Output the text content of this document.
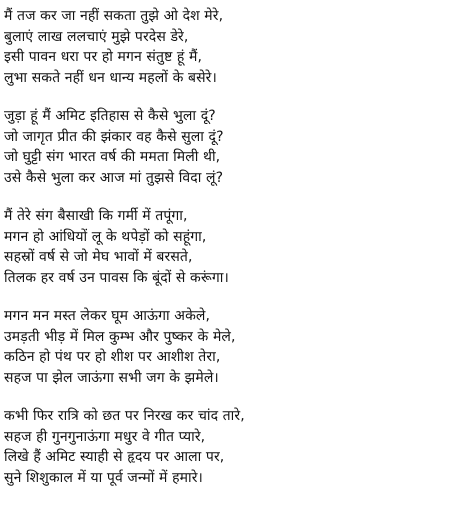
मैं तज कर जा नहीं सकता तुझे ओ देश मेरे,
बुलाएं लाख ललचाएं मुझे परदेस डेरे,
इसी पावन धरा पर हो मगन संतुष्ट हूं मैं,
लुभा सकते नहीं धन धान्य महलों के बसेरे।
जुड़ा हूं मैं अमिट इतिहास से कैसे भुला दूं?
जो जागृत प्रीत की झंकार वह कैसे सुला दूं?
जो घुट्टी संग भारत वर्ष की ममता मिली थी,
उसे कैसे भुला कर आज मां तुझसे विदा लूं?
मैं तेरे संग बैसाखी कि गर्मी में तपूंगा,
मगन हो आंधियों लू के थपेड़ों को सहूंगा,
सहस्रों वर्ष से जो मेघ भावों में बरसते,
तिलक हर वर्ष उन पावस कि बूंदों से करूंगा।
मगन मन मस्त लेकर घूम आऊंगा अकेले,
उमड़ती भीड़ में मिल कुम्भ और पुष्कर के मेले,
कठिन हो पंथ पर हो शीश पर आशीश तेरा,
सहज पा झेल जाऊंगा सभी जग के झमेले।
कभी फिर रात्रि को छत पर निरख कर चांद तारे,
सहज ही गुनगुनाऊंगा मधुर वे गीत प्यारे,
लिखे हैं अमिट स्याही से हृदय पर आला पर,
सुने शिशुकाल में या पूर्व जन्मों में हमारे।
